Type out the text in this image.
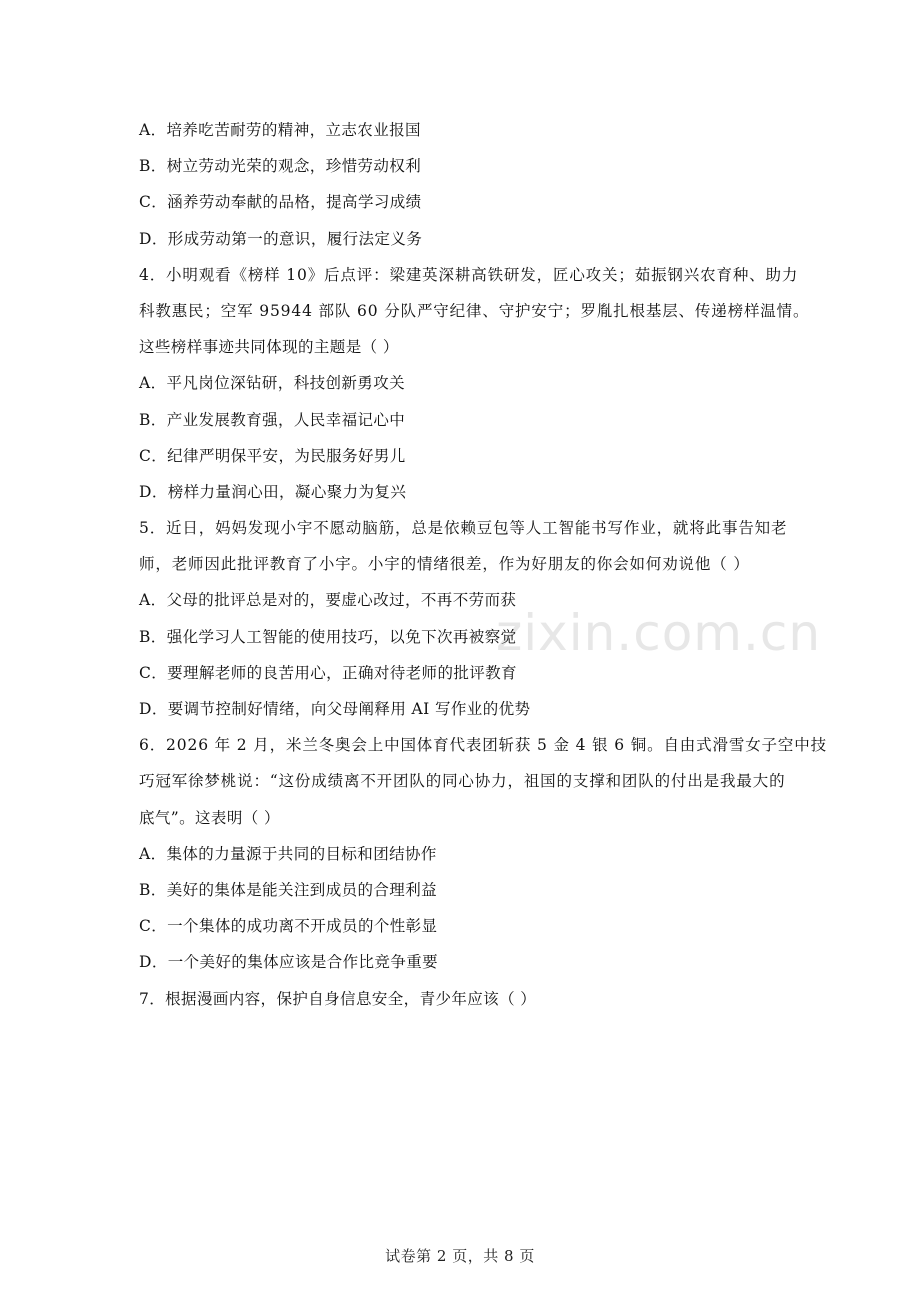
zixin.com.cn
A．培养吃苦耐劳的精神，立志农业报国
B．树立劳动光荣的观念，珍惜劳动权利
C．涵养劳动奉献的品格，提高学习成绩
D．形成劳动第一的意识，履行法定义务
4．小明观看《榜样 10》后点评：梁建英深耕高铁研发，匠心攻关；茹振钢兴农育种、助力
科教惠民；空军 95944 部队 60 分队严守纪律、守护安宁；罗胤扎根基层、传递榜样温情。
这些榜样事迹共同体现的主题是（ ）
A．平凡岗位深钻研，科技创新勇攻关
B．产业发展教育强，人民幸福记心中
C．纪律严明保平安，为民服务好男儿
D．榜样力量润心田，凝心聚力为复兴
5．近日，妈妈发现小宇不愿动脑筋，总是依赖豆包等人工智能书写作业，就将此事告知老
师，老师因此批评教育了小宇。小宇的情绪很差，作为好朋友的你会如何劝说他（ ）
A．父母的批评总是对的，要虚心改过，不再不劳而获
B．强化学习人工智能的使用技巧，以免下次再被察觉
C．要理解老师的良苦用心，正确对待老师的批评教育
D．要调节控制好情绪，向父母阐释用 AI 写作业的优势
6．2026 年 2 月，米兰冬奥会上中国体育代表团斩获 5 金 4 银 6 铜。自由式滑雪女子空中技
巧冠军徐梦桃说：“这份成绩离不开团队的同心协力，祖国的支撑和团队的付出是我最大的
底气”。这表明（ ）
A．集体的力量源于共同的目标和团结协作
B．美好的集体是能关注到成员的合理利益
C．一个集体的成功离不开成员的个性彰显
D．一个美好的集体应该是合作比竞争重要
7．根据漫画内容，保护自身信息安全，青少年应该（ ）
试卷第 2 页，共 8 页
